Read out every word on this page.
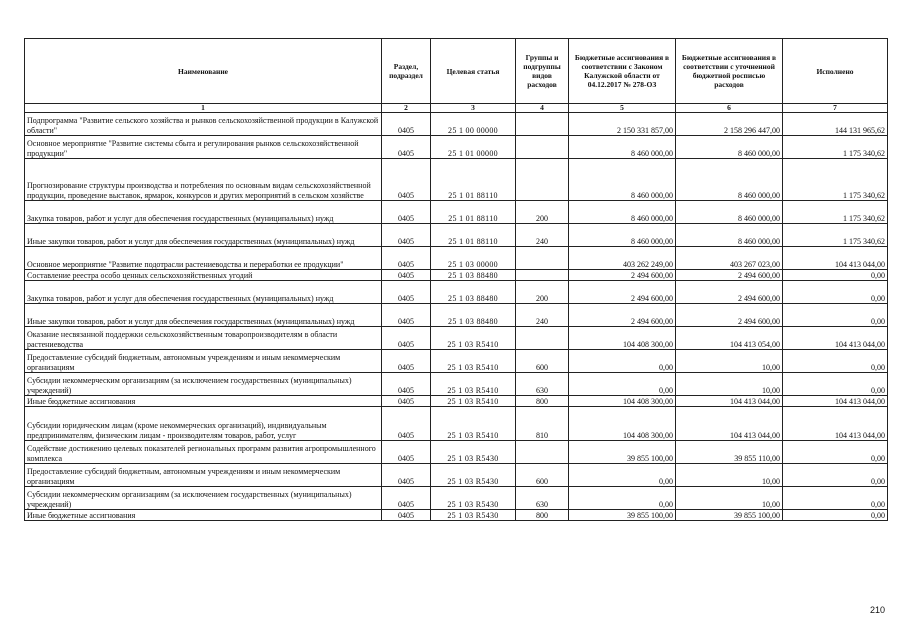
Наименование	Раздел, подраздел	Целевая статья	Группы и подгруппы видов расходов	Бюджетные ассигнования в соответствии с Законом Калужской области от 04.12.2017 № 278-ОЗ	Бюджетные ассигнования в соответствии с уточненной бюджетной росписью расходов	Исполнено
1	2	3	4	5	6	7
Подпрограмма "Развитие сельского хозяйства и рынков сельскохозяйственной продукции в Калужской области"	0405	25 1 00 00000		2 150 331 857,00	2 158 296 447,00	144 131 965,62
Основное мероприятие "Развитие системы сбыта и регулирования рынков сельскохозяйственной продукции"	0405	25 1 01 00000		8 460 000,00	8 460 000,00	1 175 340,62
Прогнозирование структуры производства и потребления по основным видам сельскохозяйственной продукции, проведение выставок, ярмарок, конкурсов и других мероприятий в сельском хозяйстве	0405	25 1 01 88110		8 460 000,00	8 460 000,00	1 175 340,62
Закупка товаров, работ и услуг для обеспечения государственных (муниципальных) нужд	0405	25 1 01 88110	200	8 460 000,00	8 460 000,00	1 175 340,62
Иные закупки товаров, работ и услуг для обеспечения государственных (муниципальных) нужд	0405	25 1 01 88110	240	8 460 000,00	8 460 000,00	1 175 340,62
Основное мероприятие "Развитие подотрасли растениеводства и переработки ее продукции"	0405	25 1 03 00000		403 262 249,00	403 267 023,00	104 413 044,00
Составление реестра особо ценных сельскохозяйственных угодий	0405	25 1 03 88480		2 494 600,00	2 494 600,00	0,00
Закупка товаров, работ и услуг для обеспечения государственных (муниципальных) нужд	0405	25 1 03 88480	200	2 494 600,00	2 494 600,00	0,00
Иные закупки товаров, работ и услуг для обеспечения государственных (муниципальных) нужд	0405	25 1 03 88480	240	2 494 600,00	2 494 600,00	0,00
Оказание несвязанной поддержки сельскохозяйственным товаропроизводителям в области растениеводства	0405	25 1 03 R5410		104 408 300,00	104 413 054,00	104 413 044,00
Предоставление субсидий бюджетным, автономным учреждениям и иным некоммерческим организациям	0405	25 1 03 R5410	600	0,00	10,00	0,00
Субсидии некоммерческим организациям (за исключением государственных (муниципальных) учреждений)	0405	25 1 03 R5410	630	0,00	10,00	0,00
Иные бюджетные ассигнования	0405	25 1 03 R5410	800	104 408 300,00	104 413 044,00	104 413 044,00
Субсидии юридическим лицам (кроме некоммерческих организаций), индивидуальным предпринимателям, физическим лицам - производителям товаров, работ, услуг	0405	25 1 03 R5410	810	104 408 300,00	104 413 044,00	104 413 044,00
Содействие достижению целевых показателей региональных программ развития агропромышленного комплекса	0405	25 1 03 R5430		39 855 100,00	39 855 110,00	0,00
Предоставление субсидий бюджетным, автономным учреждениям и иным некоммерческим организациям	0405	25 1 03 R5430	600	0,00	10,00	0,00
Субсидии некоммерческим организациям (за исключением государственных (муниципальных) учреждений)	0405	25 1 03 R5430	630	0,00	10,00	0,00
Иные бюджетные ассигнования	0405	25 1 03 R5430	800	39 855 100,00	39 855 100,00	0,00
210
